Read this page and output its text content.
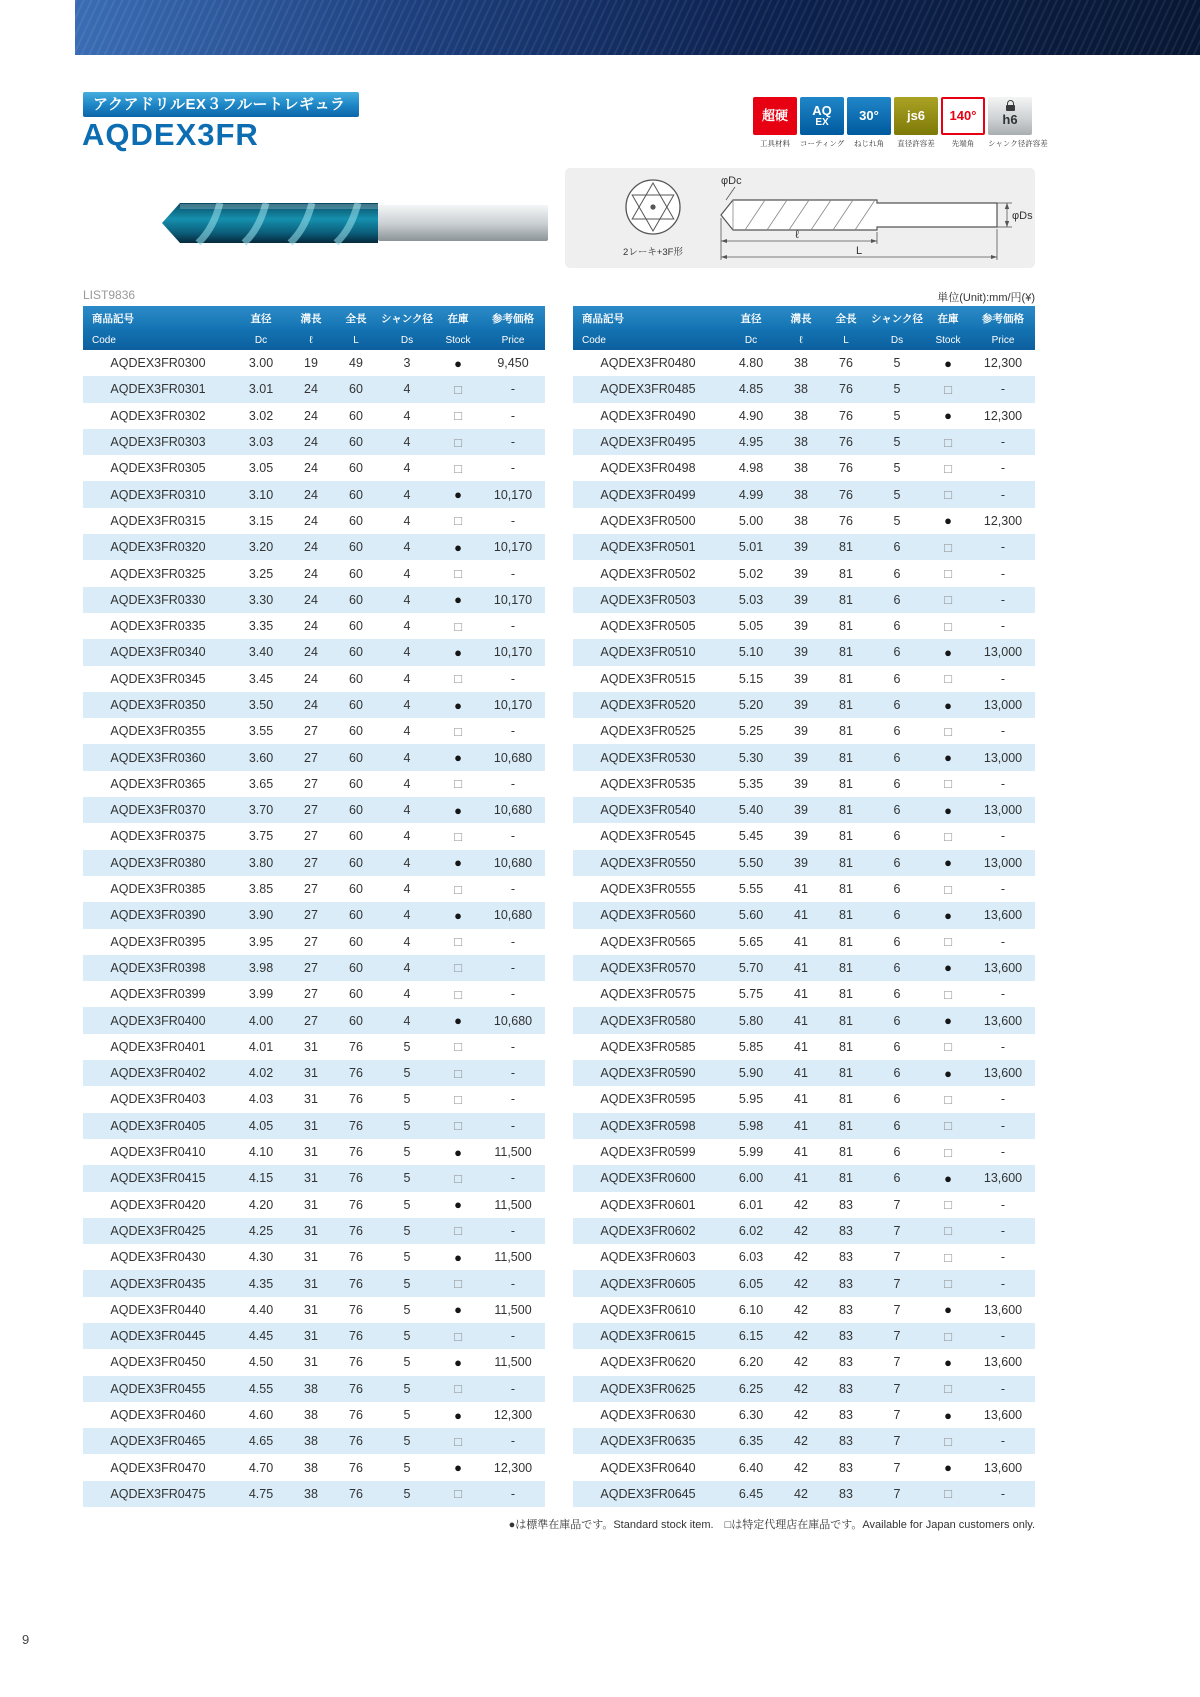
アクアドリルEX３フルートレギュラ
AQDEX3FR
超硬
工具材料
AQ
EX
コーティング
30°
ねじれ角
js6
直径許容差
140°
先端角
h6
シャンク径許容差
2レーキ+3F形
φDc
φDs
ℓ
L
LIST9836	単位(Unit):mm/円(¥)
商品記号	直径	溝長	全長	シャンク径	在庫	参考価格
Code	Dc	ℓ	L	Ds	Stock	Price
AQDEX3FR0300	3.00	19	49	3	●	9,450
AQDEX3FR0301	3.01	24	60	4	□	-
AQDEX3FR0302	3.02	24	60	4	□	-
AQDEX3FR0303	3.03	24	60	4	□	-
AQDEX3FR0305	3.05	24	60	4	□	-
AQDEX3FR0310	3.10	24	60	4	●	10,170
AQDEX3FR0315	3.15	24	60	4	□	-
AQDEX3FR0320	3.20	24	60	4	●	10,170
AQDEX3FR0325	3.25	24	60	4	□	-
AQDEX3FR0330	3.30	24	60	4	●	10,170
AQDEX3FR0335	3.35	24	60	4	□	-
AQDEX3FR0340	3.40	24	60	4	●	10,170
AQDEX3FR0345	3.45	24	60	4	□	-
AQDEX3FR0350	3.50	24	60	4	●	10,170
AQDEX3FR0355	3.55	27	60	4	□	-
AQDEX3FR0360	3.60	27	60	4	●	10,680
AQDEX3FR0365	3.65	27	60	4	□	-
AQDEX3FR0370	3.70	27	60	4	●	10,680
AQDEX3FR0375	3.75	27	60	4	□	-
AQDEX3FR0380	3.80	27	60	4	●	10,680
AQDEX3FR0385	3.85	27	60	4	□	-
AQDEX3FR0390	3.90	27	60	4	●	10,680
AQDEX3FR0395	3.95	27	60	4	□	-
AQDEX3FR0398	3.98	27	60	4	□	-
AQDEX3FR0399	3.99	27	60	4	□	-
AQDEX3FR0400	4.00	27	60	4	●	10,680
AQDEX3FR0401	4.01	31	76	5	□	-
AQDEX3FR0402	4.02	31	76	5	□	-
AQDEX3FR0403	4.03	31	76	5	□	-
AQDEX3FR0405	4.05	31	76	5	□	-
AQDEX3FR0410	4.10	31	76	5	●	11,500
AQDEX3FR0415	4.15	31	76	5	□	-
AQDEX3FR0420	4.20	31	76	5	●	11,500
AQDEX3FR0425	4.25	31	76	5	□	-
AQDEX3FR0430	4.30	31	76	5	●	11,500
AQDEX3FR0435	4.35	31	76	5	□	-
AQDEX3FR0440	4.40	31	76	5	●	11,500
AQDEX3FR0445	4.45	31	76	5	□	-
AQDEX3FR0450	4.50	31	76	5	●	11,500
AQDEX3FR0455	4.55	38	76	5	□	-
AQDEX3FR0460	4.60	38	76	5	●	12,300
AQDEX3FR0465	4.65	38	76	5	□	-
AQDEX3FR0470	4.70	38	76	5	●	12,300
AQDEX3FR0475	4.75	38	76	5	□	-
商品記号	直径	溝長	全長	シャンク径	在庫	参考価格
Code	Dc	ℓ	L	Ds	Stock	Price
AQDEX3FR0480	4.80	38	76	5	●	12,300
AQDEX3FR0485	4.85	38	76	5	□	-
AQDEX3FR0490	4.90	38	76	5	●	12,300
AQDEX3FR0495	4.95	38	76	5	□	-
AQDEX3FR0498	4.98	38	76	5	□	-
AQDEX3FR0499	4.99	38	76	5	□	-
AQDEX3FR0500	5.00	38	76	5	●	12,300
AQDEX3FR0501	5.01	39	81	6	□	-
AQDEX3FR0502	5.02	39	81	6	□	-
AQDEX3FR0503	5.03	39	81	6	□	-
AQDEX3FR0505	5.05	39	81	6	□	-
AQDEX3FR0510	5.10	39	81	6	●	13,000
AQDEX3FR0515	5.15	39	81	6	□	-
AQDEX3FR0520	5.20	39	81	6	●	13,000
AQDEX3FR0525	5.25	39	81	6	□	-
AQDEX3FR0530	5.30	39	81	6	●	13,000
AQDEX3FR0535	5.35	39	81	6	□	-
AQDEX3FR0540	5.40	39	81	6	●	13,000
AQDEX3FR0545	5.45	39	81	6	□	-
AQDEX3FR0550	5.50	39	81	6	●	13,000
AQDEX3FR0555	5.55	41	81	6	□	-
AQDEX3FR0560	5.60	41	81	6	●	13,600
AQDEX3FR0565	5.65	41	81	6	□	-
AQDEX3FR0570	5.70	41	81	6	●	13,600
AQDEX3FR0575	5.75	41	81	6	□	-
AQDEX3FR0580	5.80	41	81	6	●	13,600
AQDEX3FR0585	5.85	41	81	6	□	-
AQDEX3FR0590	5.90	41	81	6	●	13,600
AQDEX3FR0595	5.95	41	81	6	□	-
AQDEX3FR0598	5.98	41	81	6	□	-
AQDEX3FR0599	5.99	41	81	6	□	-
AQDEX3FR0600	6.00	41	81	6	●	13,600
AQDEX3FR0601	6.01	42	83	7	□	-
AQDEX3FR0602	6.02	42	83	7	□	-
AQDEX3FR0603	6.03	42	83	7	□	-
AQDEX3FR0605	6.05	42	83	7	□	-
AQDEX3FR0610	6.10	42	83	7	●	13,600
AQDEX3FR0615	6.15	42	83	7	□	-
AQDEX3FR0620	6.20	42	83	7	●	13,600
AQDEX3FR0625	6.25	42	83	7	□	-
AQDEX3FR0630	6.30	42	83	7	●	13,600
AQDEX3FR0635	6.35	42	83	7	□	-
AQDEX3FR0640	6.40	42	83	7	●	13,600
AQDEX3FR0645	6.45	42	83	7	□	-
●は標準在庫品です。Standard stock item.　□は特定代理店在庫品です。Available for Japan customers only.
9
